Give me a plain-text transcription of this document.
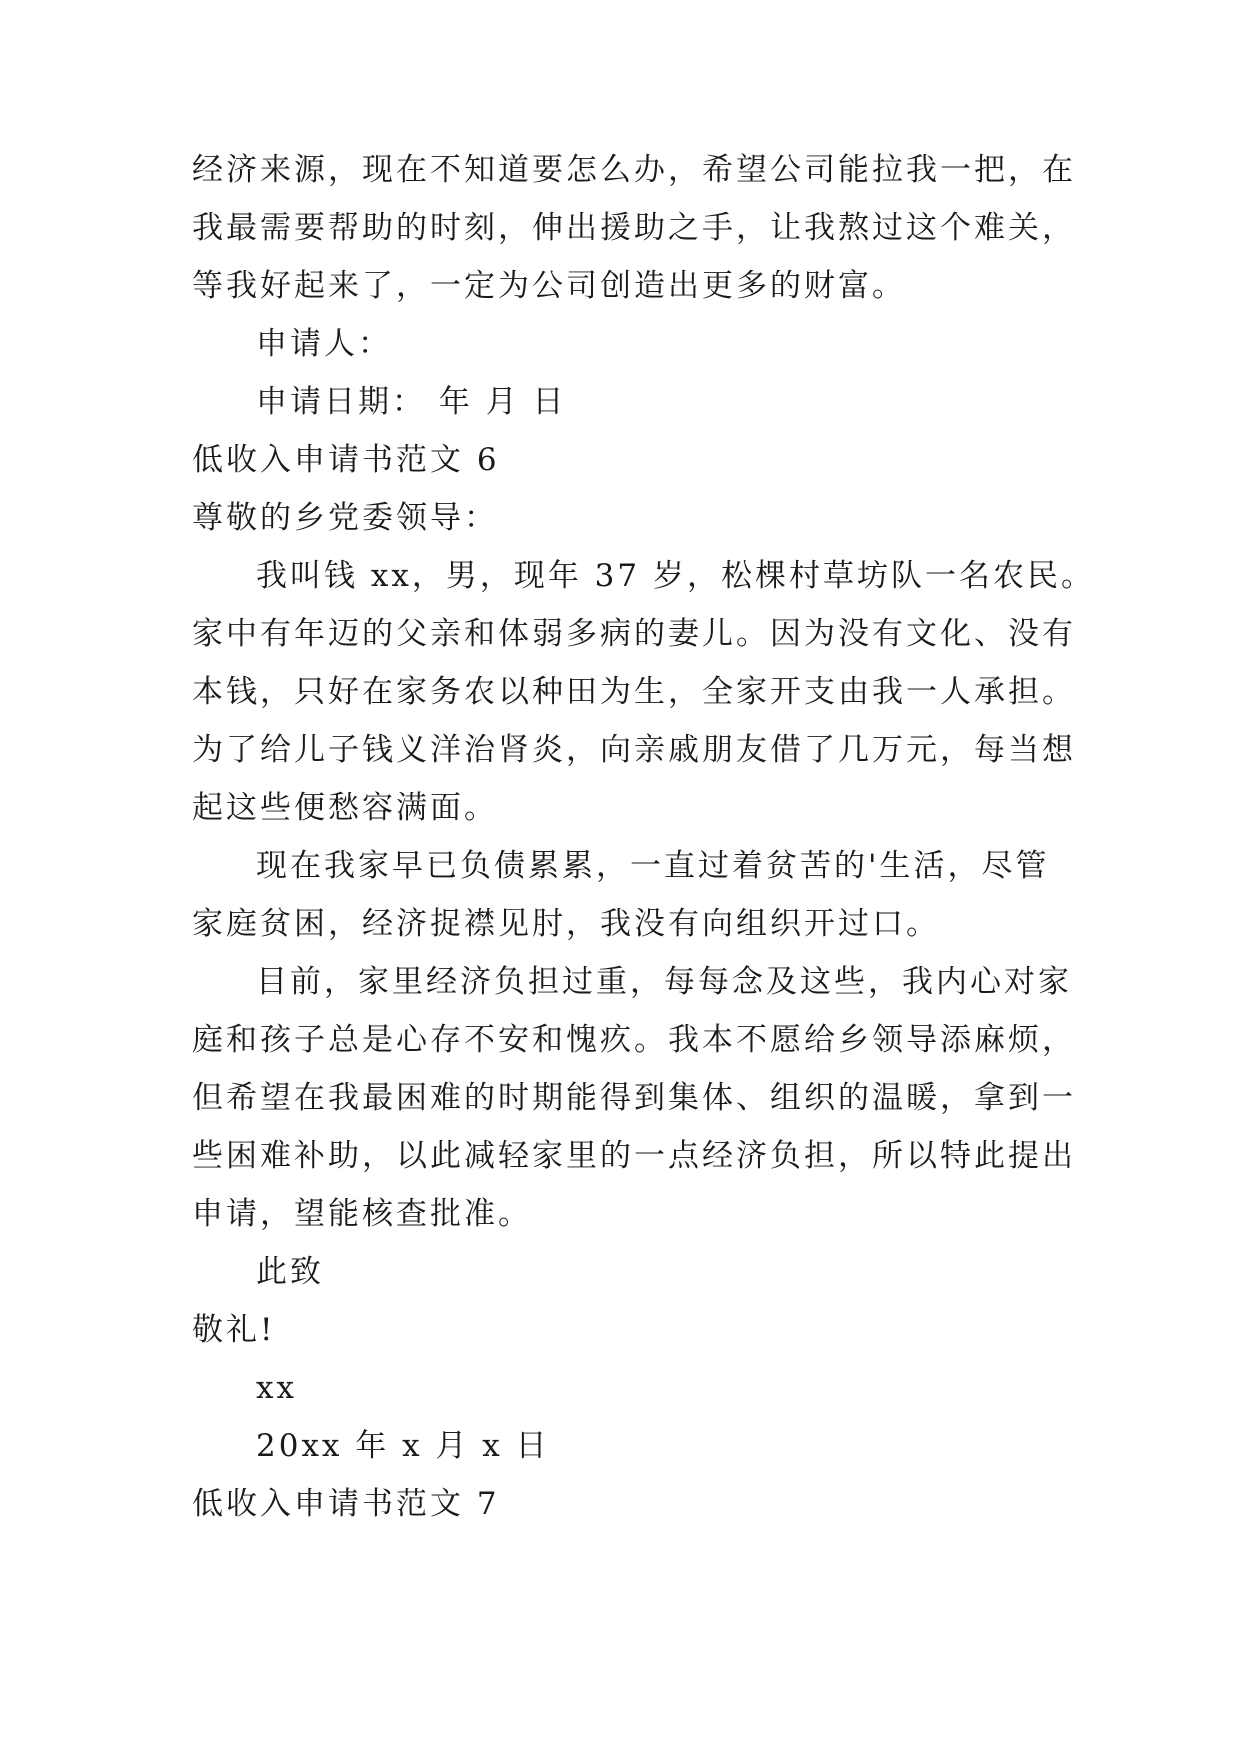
经济来源，现在不知道要怎么办，希望公司能拉我一把，在
我最需要帮助的时刻，伸出援助之手，让我熬过这个难关，
等我好起来了，一定为公司创造出更多的财富。
申请人：
申请日期： 年 月 日
低收入申请书范文 6
尊敬的乡党委领导：
我叫钱 xx，男，现年 37 岁，松棵村草坊队一名农民。
家中有年迈的父亲和体弱多病的妻儿。因为没有文化、没有
本钱，只好在家务农以种田为生，全家开支由我一人承担。
为了给儿子钱义洋治肾炎，向亲戚朋友借了几万元，每当想
起这些便愁容满面。
现在我家早已负债累累，一直过着贫苦的'生活，尽管
家庭贫困，经济捉襟见肘，我没有向组织开过口。
目前，家里经济负担过重，每每念及这些，我内心对家
庭和孩子总是心存不安和愧疚。我本不愿给乡领导添麻烦，
但希望在我最困难的时期能得到集体、组织的温暖，拿到一
些困难补助，以此减轻家里的一点经济负担，所以特此提出
申请，望能核查批准。
此致
敬礼!
xx
20xx 年 x 月 x 日
低收入申请书范文 7
